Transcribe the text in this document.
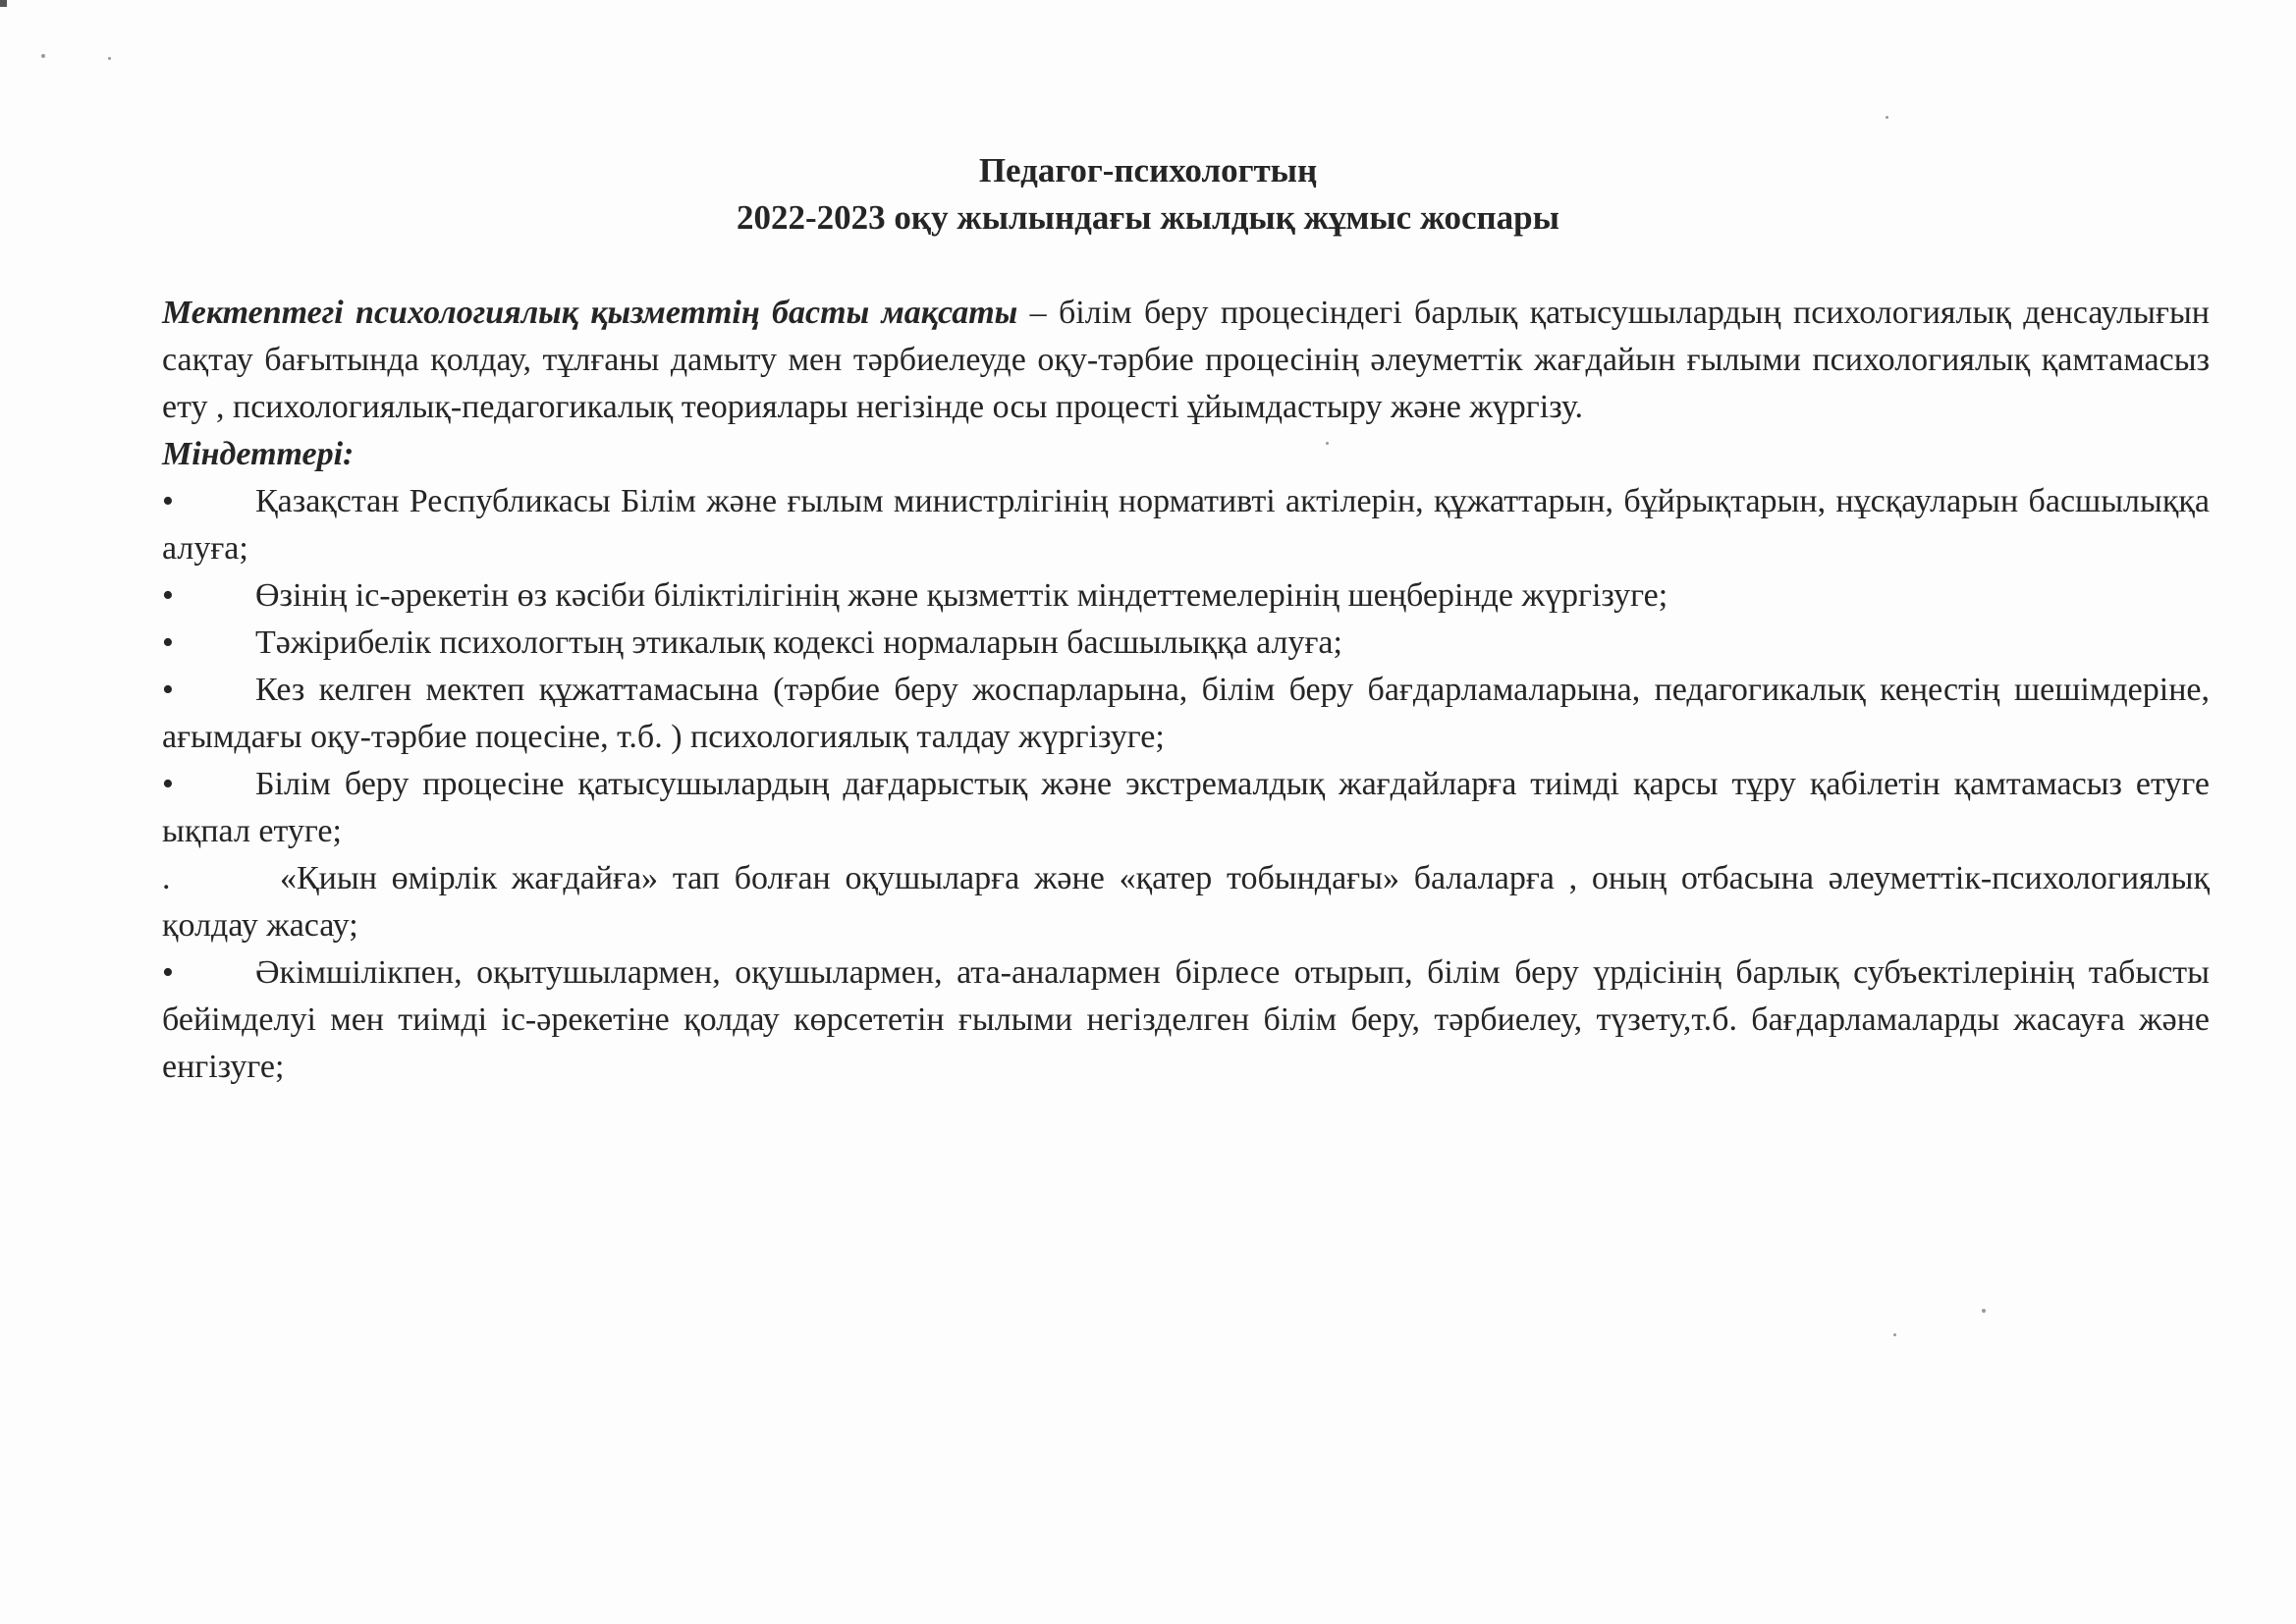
Педагог-психологтың
2022-2023 оқу жылындағы жылдық жұмыс жоспары

Мектептегі психологиялық қызметтің басты мақсаты – білім беру процесіндегі барлық қатысушылардың психологиялық денсаулығын сақтау бағытында қолдау, тұлғаны дамыту мен тәрбиелеуде оқу-тәрбие процесінің әлеуметтік жағдайын ғылыми психологиялық қамтамасыз ету , психологиялық-педагогикалық теориялары негізінде осы процесті ұйымдастыру және жүргізу.

Міндеттері:

• Қазақстан Республикасы Білім және ғылым министрлігінің нормативті актілерін, құжаттарын, бұйрықтарын, нұсқауларын басшылыққа алуға;

• Өзінің іс-әрекетін өз кәсіби біліктілігінің және қызметтік міндеттемелерінің шеңберінде жүргізуге;

• Тәжірибелік психологтың этикалық кодексі нормаларын басшылыққа алуға;

• Кез келген мектеп құжаттамасына (тәрбие беру жоспарларына, білім беру бағдарламаларына, педагогикалық кеңестің шешімдеріне, ағымдағы оқу-тәрбие поцесіне, т.б. ) психологиялық талдау жүргізуге;

• Білім беру процесіне қатысушылардың дағдарыстық және экстремалдық жағдайларға тиімді қарсы тұру қабілетін қамтамасыз етуге ықпал етуге;

.	«Қиын өмірлік жағдайға» тап болған оқушыларға және «қатер тобындағы» балаларға , оның отбасына әлеуметтік-психологиялық қолдау жасау;

• Әкімшілікпен, оқытушылармен, оқушылармен, ата-аналармен бірлесе отырып, білім беру үрдісінің барлық субъектілерінің табысты бейімделуі мен тиімді іс-әрекетіне қолдау көрсететін ғылыми негізделген білім беру, тәрбиелеу, түзету,т.б. бағдарламаларды жасауға және енгізуге;
